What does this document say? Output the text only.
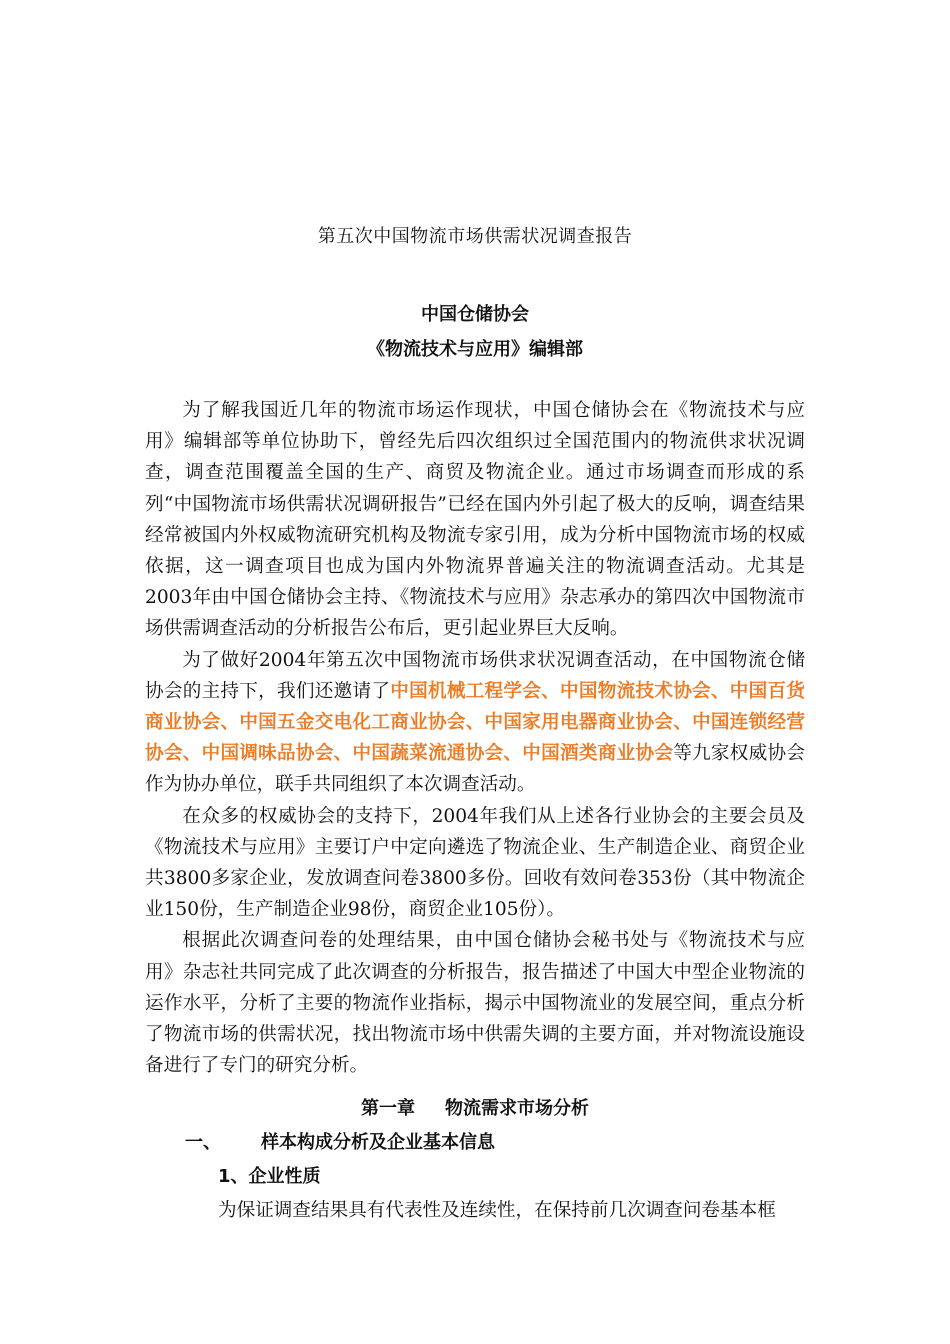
第五次中国物流市场供需状况调查报告
中国仓储协会
《物流技术与应用》编辑部

为了解我国近几年的物流市场运作现状，中国仓储协会在《物流技术与应用》编辑部等单位协助下，曾经先后四次组织过全国范围内的物流供求状况调查，调查范围覆盖全国的生产、商贸及物流企业。通过市场调查而形成的系列“中国物流市场供需状况调研报告”已经在国内外引起了极大的反响，调查结果经常被国内外权威物流研究机构及物流专家引用，成为分析中国物流市场的权威依据，这一调查项目也成为国内外物流界普遍关注的物流调查活动。尤其是2003年由中国仓储协会主持、《物流技术与应用》杂志承办的第四次中国物流市场供需调查活动的分析报告公布后，更引起业界巨大反响。

为了做好2004年第五次中国物流市场供求状况调查活动，在中国物流仓储协会的主持下，我们还邀请了中国机械工程学会、中国物流技术协会、中国百货商业协会、中国五金交电化工商业协会、中国家用电器商业协会、中国连锁经营协会、中国调味品协会、中国蔬菜流通协会、中国酒类商业协会等九家权威协会作为协办单位，联手共同组织了本次调查活动。

在众多的权威协会的支持下，2004年我们从上述各行业协会的主要会员及《物流技术与应用》主要订户中定向遴选了物流企业、生产制造企业、商贸企业共3800多家企业，发放调查问卷3800多份。回收有效问卷353份（其中物流企业150份，生产制造企业98份，商贸企业105份）。

根据此次调查问卷的处理结果，由中国仓储协会秘书处与《物流技术与应用》杂志社共同完成了此次调查的分析报告，报告描述了中国大中型企业物流的运作水平，分析了主要的物流作业指标，揭示中国物流业的发展空间，重点分析了物流市场的供需状况，找出物流市场中供需失调的主要方面，并对物流设施设备进行了专门的研究分析。

第一章 物流需求市场分析
一、 样本构成分析及企业基本信息
1、企业性质
为保证调查结果具有代表性及连续性，在保持前几次调查问卷基本框
